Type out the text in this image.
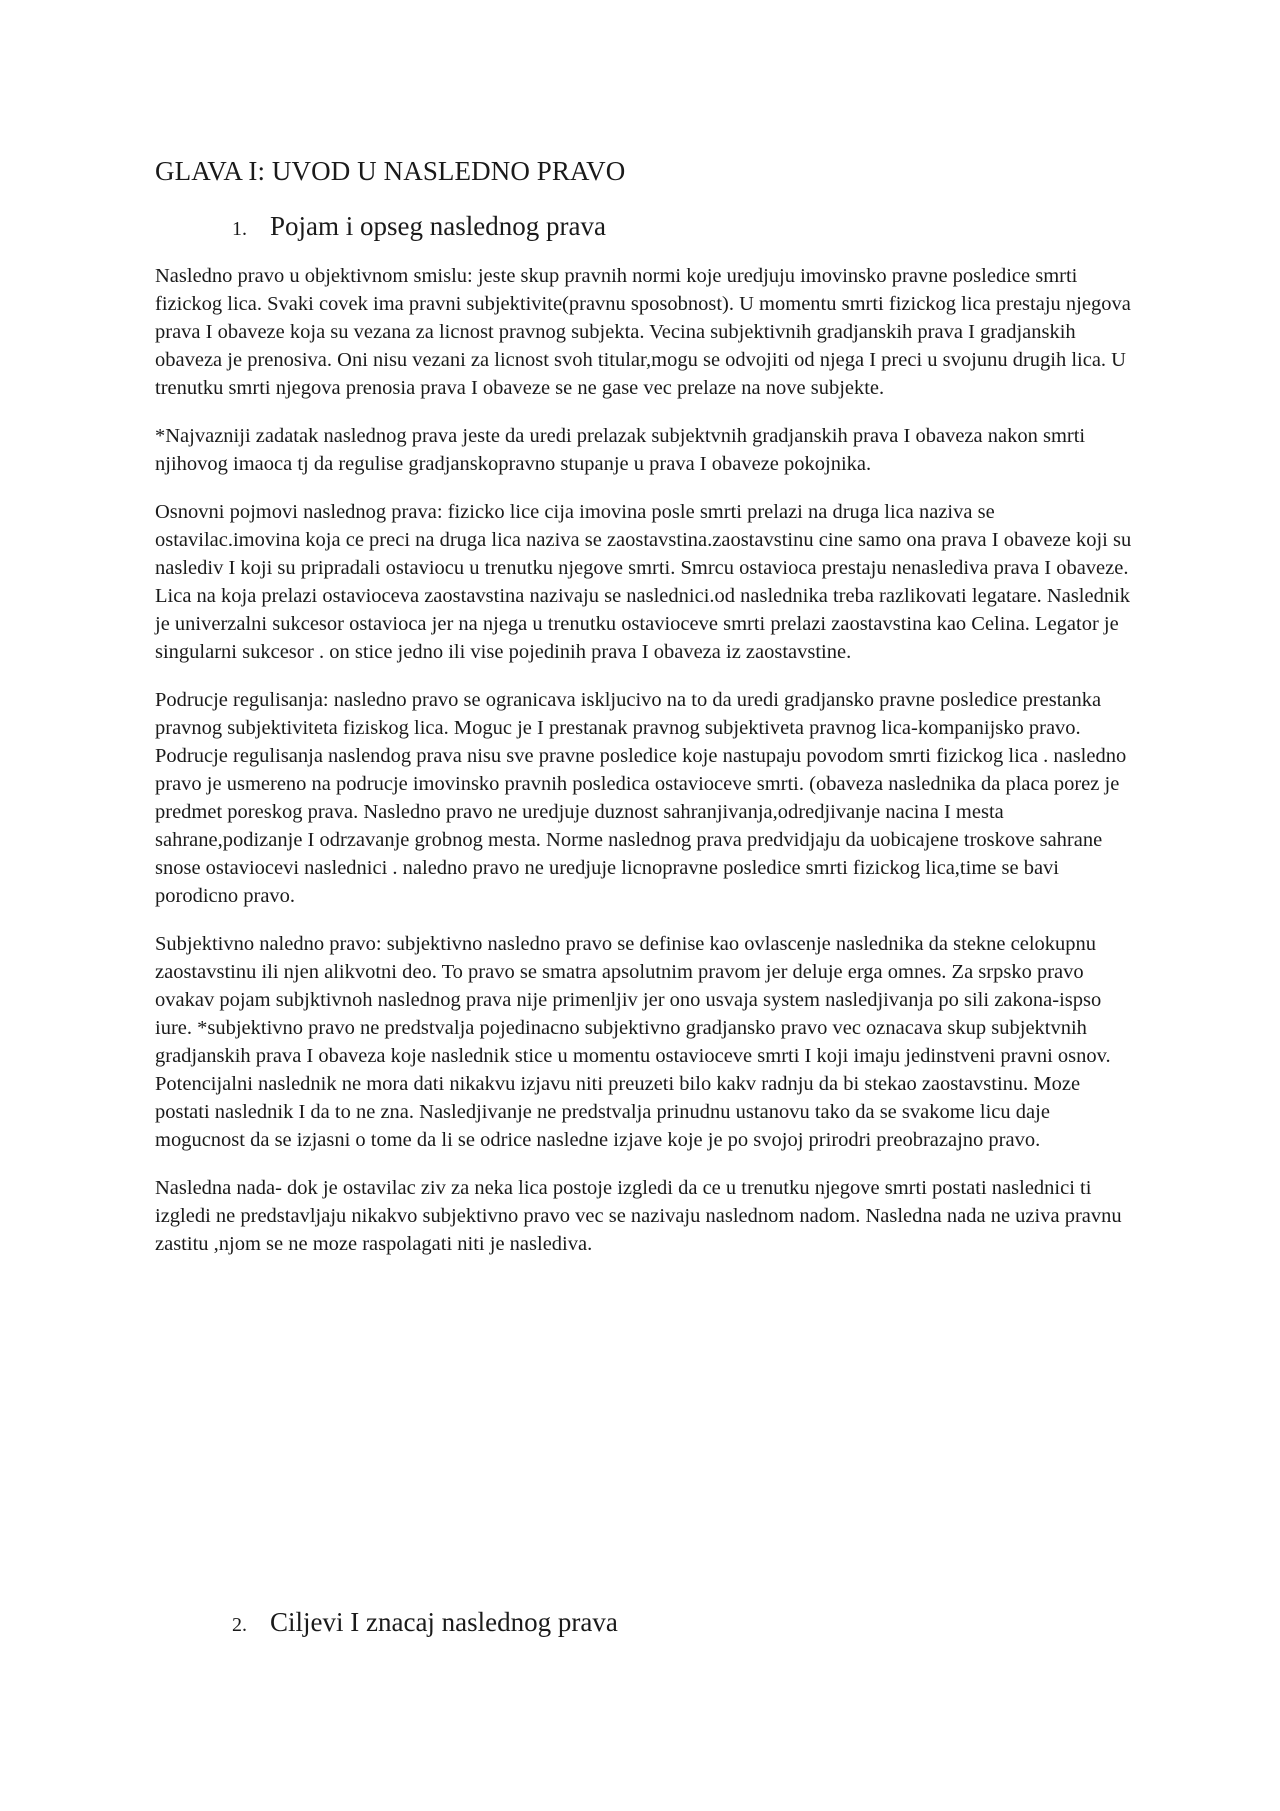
GLAVA I: UVOD U NASLEDNO PRAVO
1. Pojam i opseg naslednog prava

Nasledno pravo u objektivnom smislu: jeste skup pravnih normi koje uredjuju imovinsko pravne posledice smrti fizickog lica. Svaki covek ima pravni subjektivite(pravnu sposobnost). U momentu smrti fizickog lica prestaju njegova prava I obaveze koja su vezana za licnost pravnog subjekta. Vecina subjektivnih gradjanskih prava I gradjanskih obaveza je prenosiva. Oni nisu vezani za licnost svoh titular,mogu se odvojiti od njega I preci u svojunu drugih lica. U trenutku smrti njegova prenosia prava I obaveze se ne gase vec prelaze na nove subjekte.

*Najvazniji zadatak naslednog prava jeste da uredi prelazak subjektvnih gradjanskih prava I obaveza nakon smrti njihovog imaoca tj da regulise gradjanskopravno stupanje u prava I obaveze pokojnika.

Osnovni pojmovi naslednog prava: fizicko lice cija imovina posle smrti prelazi na druga lica naziva se ostavilac.imovina koja ce preci na druga lica naziva se zaostavstina.zaostavstinu cine samo ona prava I obaveze koji su naslediv I koji su pripradali ostaviocu u trenutku njegove smrti. Smrcu ostavioca prestaju nenaslediva prava I obaveze. Lica na koja prelazi ostavioceva zaostavstina nazivaju se naslednici.od naslednika treba razlikovati legatare. Naslednik je univerzalni sukcesor ostavioca jer na njega u trenutku ostavioceve smrti prelazi zaostavstina kao Celina. Legator je singularni sukcesor . on stice jedno ili vise pojedinih prava I obaveza iz zaostavstine.

Podrucje regulisanja: nasledno pravo se ogranicava iskljucivo na to da uredi gradjansko pravne posledice prestanka pravnog subjektiviteta fiziskog lica. Moguc je I prestanak pravnog subjektiveta pravnog lica-kompanijsko pravo. Podrucje regulisanja naslendog prava nisu sve pravne posledice koje nastupaju povodom smrti fizickog lica . nasledno pravo je usmereno na podrucje imovinsko pravnih posledica ostavioceve smrti. (obaveza naslednika da placa porez je predmet poreskog prava. Nasledno pravo ne uredjuje duznost sahranjivanja,odredjivanje nacina I mesta sahrane,podizanje I odrzavanje grobnog mesta. Norme naslednog prava predvidjaju da uobicajene troskove sahrane snose ostaviocevi naslednici . naledno pravo ne uredjuje licnopravne posledice smrti fizickog lica,time se bavi porodicno pravo.

Subjektivno naledno pravo: subjektivno nasledno pravo se definise kao ovlascenje naslednika da stekne celokupnu zaostavstinu ili njen alikvotni deo. To pravo se smatra apsolutnim pravom jer deluje erga omnes. Za srpsko pravo ovakav pojam subjktivnoh naslednog prava nije primenljiv jer ono usvaja system nasledjivanja po sili zakona-ispso iure. *subjektivno pravo ne predstvalja pojedinacno subjektivno gradjansko pravo vec oznacava skup subjektvnih gradjanskih prava I obaveza koje naslednik stice u momentu ostavioceve smrti I koji imaju jedinstveni pravni osnov. Potencijalni naslednik ne mora dati nikakvu izjavu niti preuzeti bilo kakv radnju da bi stekao zaostavstinu. Moze postati naslednik I da to ne zna. Nasledjivanje ne predstvalja prinudnu ustanovu tako da se svakome licu daje mogucnost da se izjasni o tome da li se odrice nasledne izjave koje je po svojoj prirodri preobrazajno pravo.

Nasledna nada- dok je ostavilac ziv za neka lica postoje izgledi da ce u trenutku njegove smrti postati naslednici ti izgledi ne predstavljaju nikakvo subjektivno pravo vec se nazivaju naslednom nadom. Nasledna nada ne uziva pravnu zastitu ,njom se ne moze raspolagati niti je naslediva.

2. Ciljevi I znacaj naslednog prava
